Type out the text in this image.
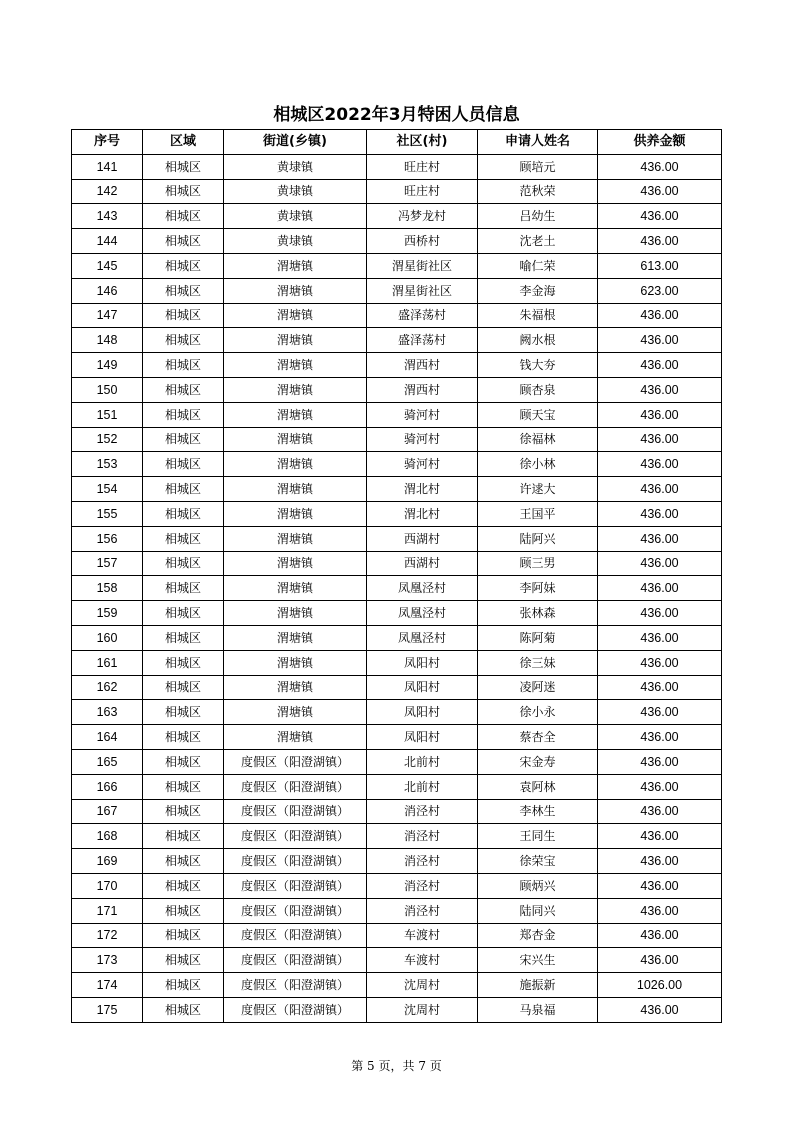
相城区2022年3月特困人员信息
序号	区域	街道(乡镇)	社区(村)	申请人姓名	供养金额
141	相城区	黄埭镇	旺庄村	顾培元	436.00
142	相城区	黄埭镇	旺庄村	范秋荣	436.00
143	相城区	黄埭镇	冯梦龙村	吕幼生	436.00
144	相城区	黄埭镇	西桥村	沈老土	436.00
145	相城区	渭塘镇	渭星街社区	喻仁荣	613.00
146	相城区	渭塘镇	渭星街社区	李金海	623.00
147	相城区	渭塘镇	盛泽荡村	朱福根	436.00
148	相城区	渭塘镇	盛泽荡村	阙水根	436.00
149	相城区	渭塘镇	渭西村	钱大夯	436.00
150	相城区	渭塘镇	渭西村	顾杏泉	436.00
151	相城区	渭塘镇	骑河村	顾天宝	436.00
152	相城区	渭塘镇	骑河村	徐福林	436.00
153	相城区	渭塘镇	骑河村	徐小林	436.00
154	相城区	渭塘镇	渭北村	许逑大	436.00
155	相城区	渭塘镇	渭北村	王国平	436.00
156	相城区	渭塘镇	西湖村	陆阿兴	436.00
157	相城区	渭塘镇	西湖村	顾三男	436.00
158	相城区	渭塘镇	凤凰泾村	李阿妹	436.00
159	相城区	渭塘镇	凤凰泾村	张林森	436.00
160	相城区	渭塘镇	凤凰泾村	陈阿菊	436.00
161	相城区	渭塘镇	凤阳村	徐三妹	436.00
162	相城区	渭塘镇	凤阳村	凌阿迷	436.00
163	相城区	渭塘镇	凤阳村	徐小永	436.00
164	相城区	渭塘镇	凤阳村	蔡杏全	436.00
165	相城区	度假区（阳澄湖镇）	北前村	宋金寿	436.00
166	相城区	度假区（阳澄湖镇）	北前村	袁阿林	436.00
167	相城区	度假区（阳澄湖镇）	消泾村	李林生	436.00
168	相城区	度假区（阳澄湖镇）	消泾村	王同生	436.00
169	相城区	度假区（阳澄湖镇）	消泾村	徐荣宝	436.00
170	相城区	度假区（阳澄湖镇）	消泾村	顾炳兴	436.00
171	相城区	度假区（阳澄湖镇）	消泾村	陆同兴	436.00
172	相城区	度假区（阳澄湖镇）	车渡村	郑杏金	436.00
173	相城区	度假区（阳澄湖镇）	车渡村	宋兴生	436.00
174	相城区	度假区（阳澄湖镇）	沈周村	施振新	1026.00
175	相城区	度假区（阳澄湖镇）	沈周村	马泉福	436.00
第 5 页，共 7 页
